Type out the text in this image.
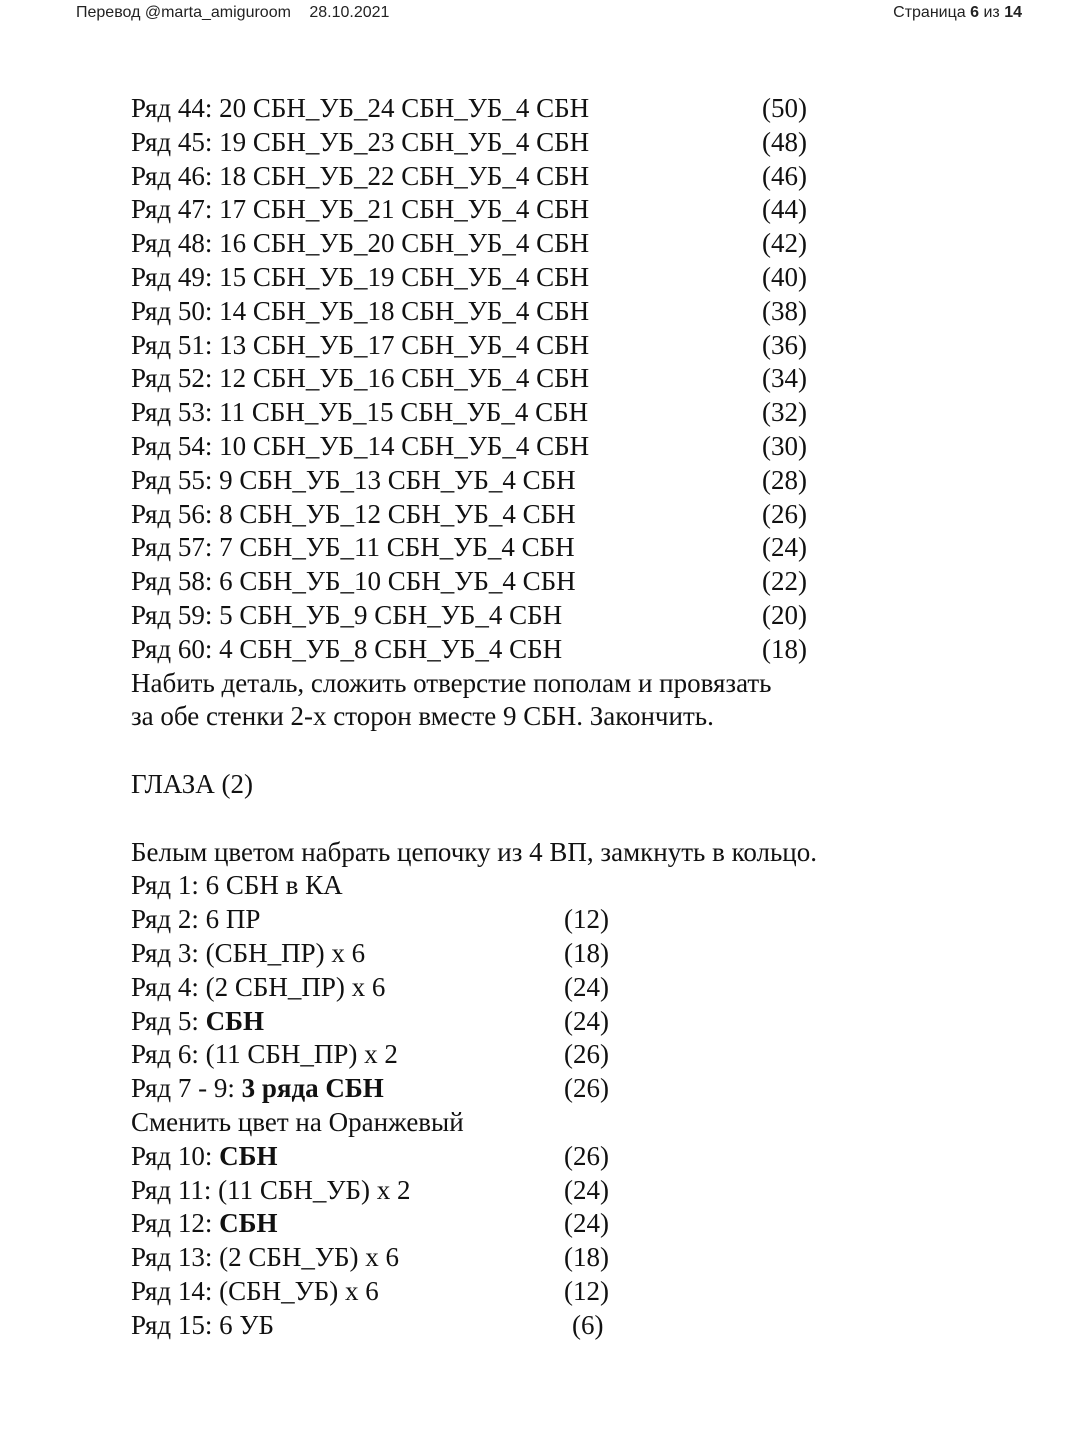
Перевод @marta_amiguroom 28.10.2021	Страница 6 из 14
Ряд 44: 20 СБН_УБ_24 СБН_УБ_4 СБН	(50)
Ряд 45: 19 СБН_УБ_23 СБН_УБ_4 СБН	(48)
Ряд 46: 18 СБН_УБ_22 СБН_УБ_4 СБН	(46)
Ряд 47: 17 СБН_УБ_21 СБН_УБ_4 СБН	(44)
Ряд 48: 16 СБН_УБ_20 СБН_УБ_4 СБН	(42)
Ряд 49: 15 СБН_УБ_19 СБН_УБ_4 СБН	(40)
Ряд 50: 14 СБН_УБ_18 СБН_УБ_4 СБН	(38)
Ряд 51: 13 СБН_УБ_17 СБН_УБ_4 СБН	(36)
Ряд 52: 12 СБН_УБ_16 СБН_УБ_4 СБН	(34)
Ряд 53: 11 СБН_УБ_15 СБН_УБ_4 СБН	(32)
Ряд 54: 10 СБН_УБ_14 СБН_УБ_4 СБН	(30)
Ряд 55: 9 СБН_УБ_13 СБН_УБ_4 СБН	(28)
Ряд 56: 8 СБН_УБ_12 СБН_УБ_4 СБН	(26)
Ряд 57: 7 СБН_УБ_11 СБН_УБ_4 СБН	(24)
Ряд 58: 6 СБН_УБ_10 СБН_УБ_4 СБН	(22)
Ряд 59: 5 СБН_УБ_9 СБН_УБ_4 СБН	(20)
Ряд 60: 4 СБН_УБ_8 СБН_УБ_4 СБН	(18)
Набить деталь, сложить отверстие пополам и провязать
за обе стенки 2-х сторон вместе 9 СБН. Закончить.
ГЛАЗА (2)
Белым цветом набрать цепочку из 4 ВП, замкнуть в кольцо.
Ряд 1: 6 СБН в КА
Ряд 2: 6 ПР	(12)
Ряд 3: (СБН_ПР) х 6	(18)
Ряд 4: (2 СБН_ПР) х 6	(24)
Ряд 5: СБН	(24)
Ряд 6: (11 СБН_ПР) х 2	(26)
Ряд 7 - 9: 3 ряда СБН	(26)
Сменить цвет на Оранжевый
Ряд 10: СБН	(26)
Ряд 11: (11 СБН_УБ) х 2	(24)
Ряд 12: СБН	(24)
Ряд 13: (2 СБН_УБ) х 6	(18)
Ряд 14: (СБН_УБ) х 6	(12)
Ряд 15: 6 УБ	(6)
